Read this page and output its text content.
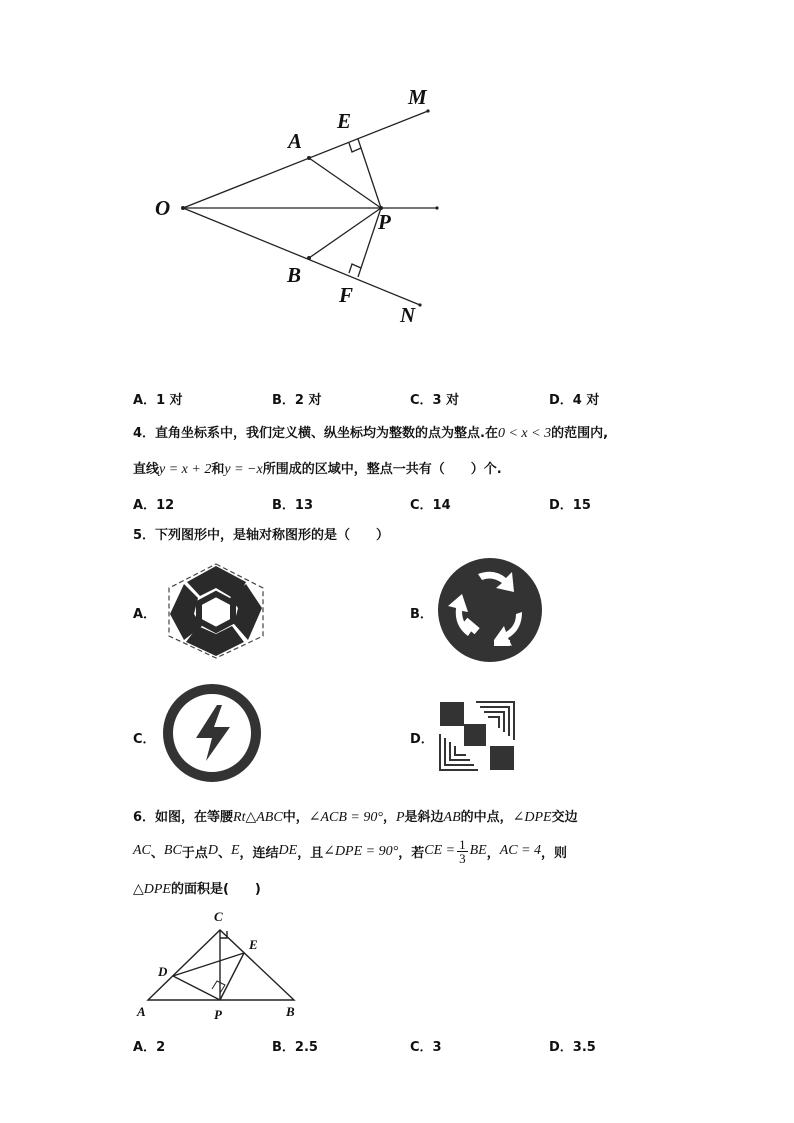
M
E
A
O
P
B
F
N
A．1 对	B．2 对	C．3 对	D．4 对
4．直角坐标系中，我们定义横、纵坐标均为整数的点为整点.在0 < x < 3的范围内,
直线y = x + 2和y = −x所围成的区域中，整点一共有（　　）个.
A．12	B．13	C．14	D．15
5．下列图形中，是轴对称图形的是（　　）
A．	B．
C．	D．
6．如图，在等腰Rt△ABC中，∠ACB = 90°，P是斜边AB的中点，∠DPE交边
AC 、 BC 于点 D 、 E ，连结 DE ，且 ∠DPE = 90° ，若 CE = $\frac{1}{3}$ BE ， AC = 4 ，则
△DPE的面积是(　　)
C
E
D
A	P	B
A．2	B．2.5	C．3	D．3.5
